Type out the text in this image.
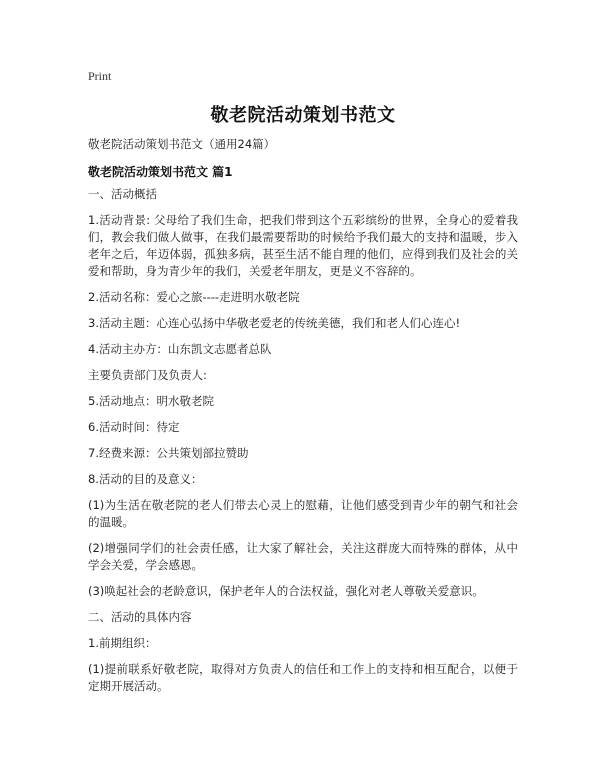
Print
敬老院活动策划书范文
敬老院活动策划书范文（通用24篇）
敬老院活动策划书范文 篇1

一、活动概括

1.活动背景: 父母给了我们生命，把我们带到这个五彩缤纷的世界，全身心的爱着我们，教会我们做人做事，在我们最需要帮助的时候给予我们最大的支持和温暖，步入老年之后，年迈体弱，孤独多病，甚至生活不能自理的他们，应得到我们及社会的关爱和帮助，身为青少年的我们，关爱老年朋友，更是义不容辞的。

2.活动名称：爱心之旅----走进明水敬老院

3.活动主题：心连心弘扬中华敬老爱老的传统美德，我们和老人们心连心!

4.活动主办方：山东凯文志愿者总队

主要负责部门及负责人:

5.活动地点：明水敬老院

6.活动时间：待定

7.经费来源：公共策划部拉赞助

8.活动的目的及意义：

(1)为生活在敬老院的老人们带去心灵上的慰藉，让他们感受到青少年的朝气和社会的温暖。

(2)增强同学们的社会责任感，让大家了解社会，关注这群庞大而特殊的群体，从中学会关爱，学会感恩。

(3)唤起社会的老龄意识，保护老年人的合法权益，强化对老人尊敬关爱意识。

二、活动的具体内容

1.前期组织：

(1)提前联系好敬老院，取得对方负责人的信任和工作上的支持和相互配合，以便于定期开展活动。
